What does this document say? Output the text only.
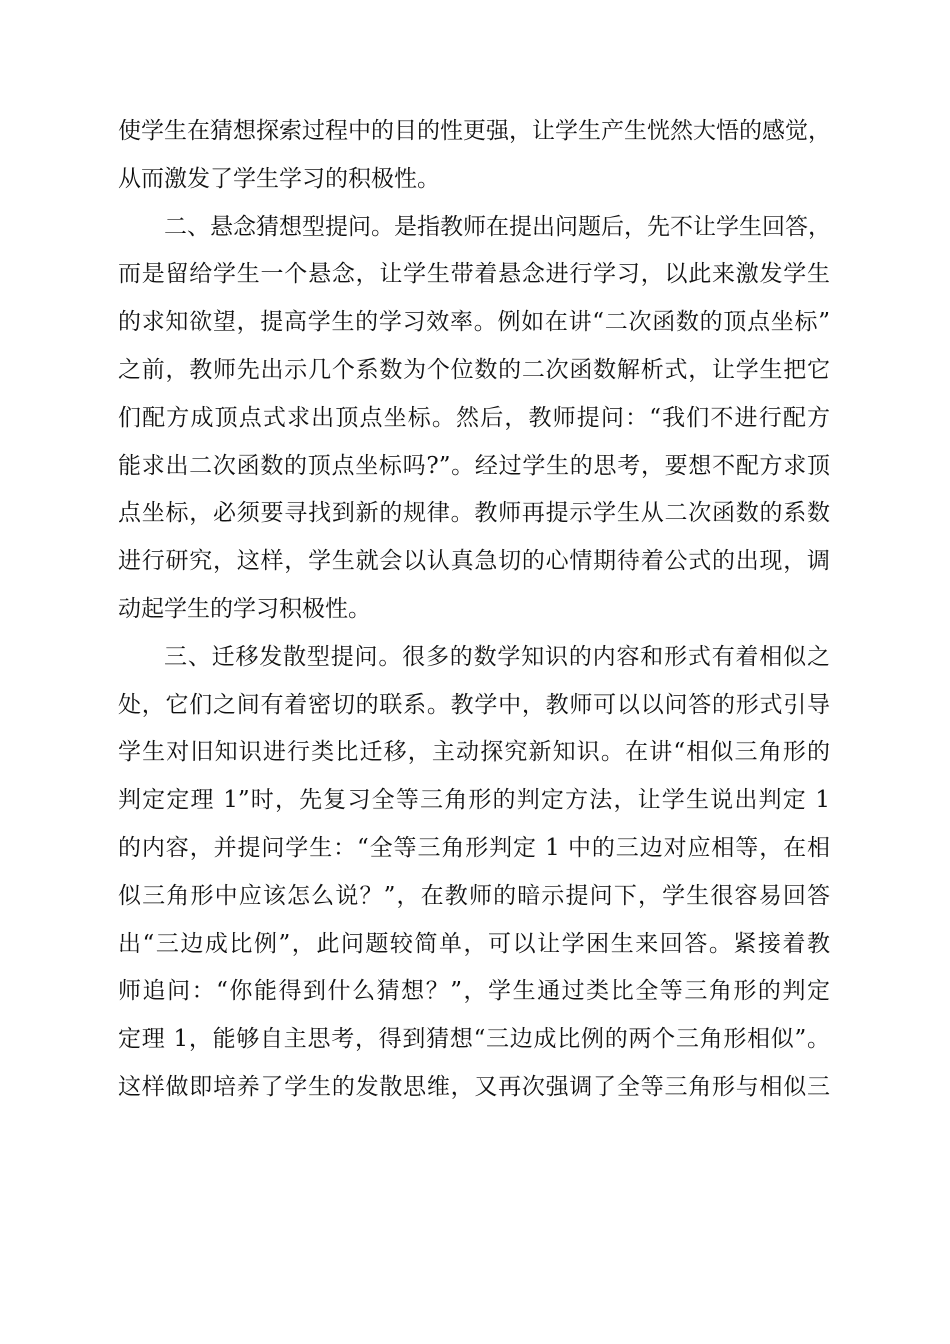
使学生在猜想探索过程中的目的性更强，让学生产生恍然大悟的感觉，
从而激发了学生学习的积极性。
二、悬念猜想型提问。是指教师在提出问题后，先不让学生回答，
而是留给学生一个悬念，让学生带着悬念进行学习，以此来激发学生
的求知欲望，提高学生的学习效率。例如在讲“二次函数的顶点坐标”
之前，教师先出示几个系数为个位数的二次函数解析式，让学生把它
们配方成顶点式求出顶点坐标。然后，教师提问：“我们不进行配方
能求出二次函数的顶点坐标吗?”。经过学生的思考，要想不配方求顶
点坐标，必须要寻找到新的规律。教师再提示学生从二次函数的系数
进行研究，这样，学生就会以认真急切的心情期待着公式的出现，调
动起学生的学习积极性。
三、迁移发散型提问。很多的数学知识的内容和形式有着相似之
处，它们之间有着密切的联系。教学中，教师可以以问答的形式引导
学生对旧知识进行类比迁移，主动探究新知识。在讲“相似三角形的
判定定理 1”时，先复习全等三角形的判定方法，让学生说出判定 1
的内容，并提问学生：“全等三角形判定 1 中的三边对应相等，在相
似三角形中应该怎么说？”，在教师的暗示提问下，学生很容易回答
出“三边成比例”，此问题较简单，可以让学困生来回答。紧接着教
师追问：“你能得到什么猜想？”，学生通过类比全等三角形的判定
定理 1，能够自主思考，得到猜想“三边成比例的两个三角形相似”。
这样做即培养了学生的发散思维，又再次强调了全等三角形与相似三
